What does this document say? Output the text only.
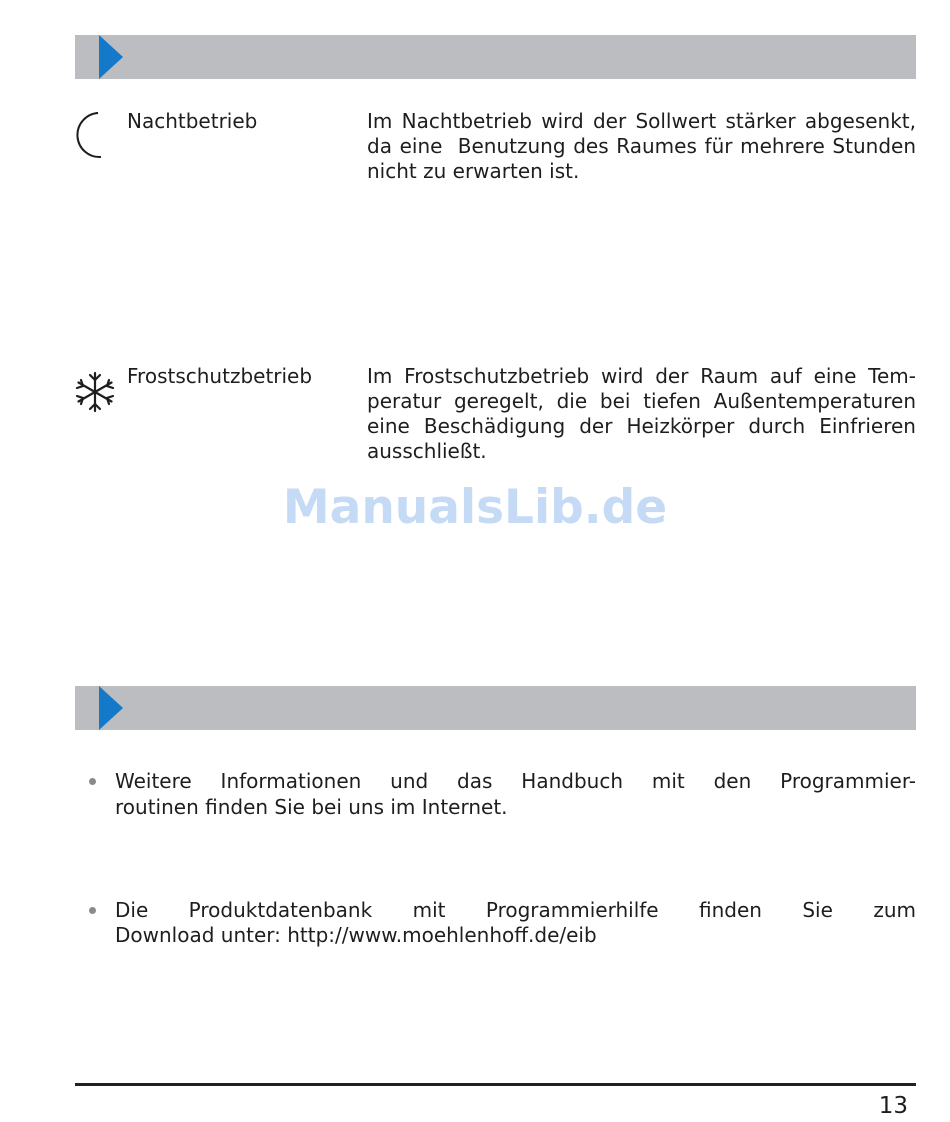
Nachtbetrieb	Im Nachtbetrieb wird der Sollwert stärker abgesenkt,
da eine  Benutzung des Raumes für mehrere Stunden
nicht zu erwarten ist.
Frostschutzbetrieb	Im Frostschutzbetrieb wird der Raum auf eine Tem-
peratur geregelt, die bei tiefen Außentemperaturen
eine Beschädigung der Heizkörper durch Einfrieren
ausschließt.
ManualsLib.de
Weitere Informationen und das Handbuch mit den Programmier-
routinen finden Sie bei uns im Internet.
Die Produktdatenbank mit Programmierhilfe finden Sie zum
Download unter: http://www.moehlenhoff.de/eib
13
